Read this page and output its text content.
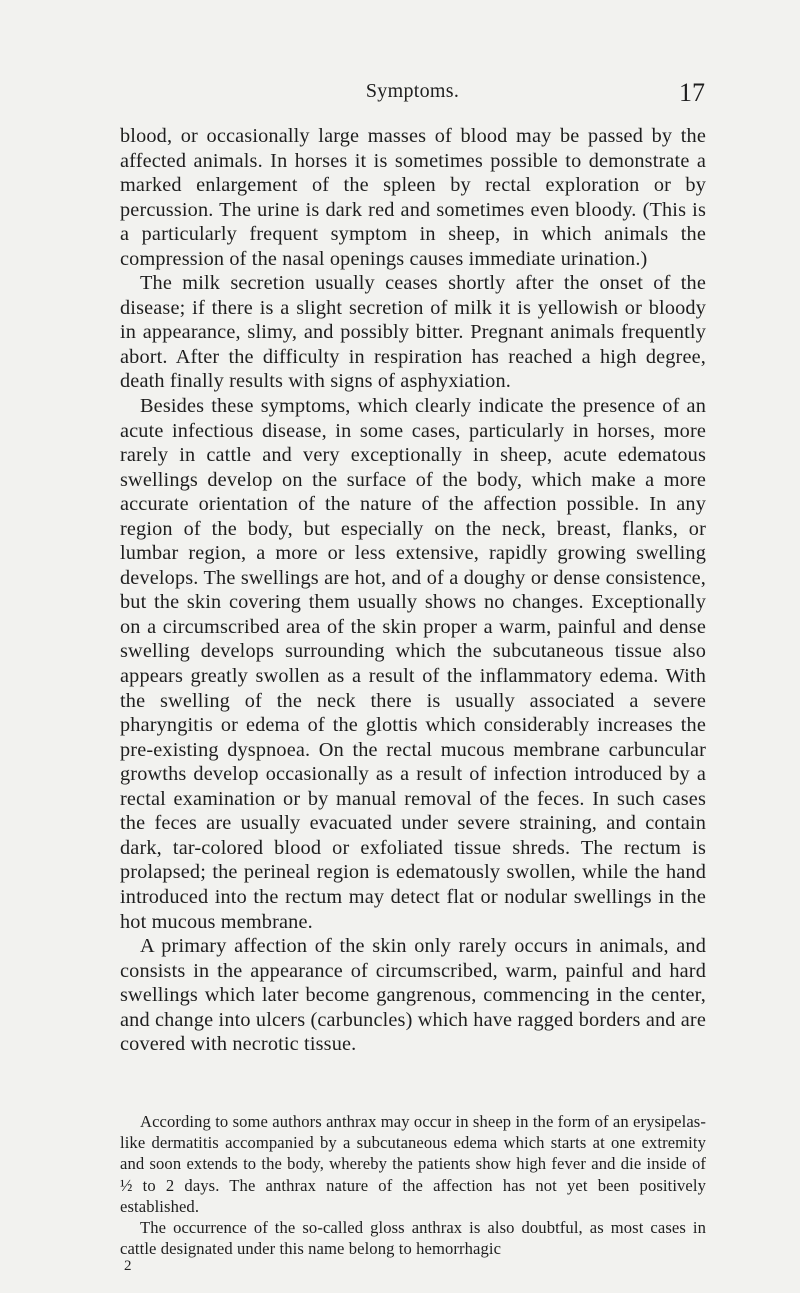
Symptoms.	17

blood, or occasionally large masses of blood may be passed by the affected animals. In horses it is sometimes possible to demonstrate a marked enlargement of the spleen by rectal exploration or by percussion. The urine is dark red and sometimes even bloody. (This is a particularly frequent symptom in sheep, in which animals the compression of the nasal openings causes immediate urination.)

The milk secretion usually ceases shortly after the onset of the disease; if there is a slight secretion of milk it is yellowish or bloody in appearance, slimy, and possibly bitter. Pregnant animals frequently abort. After the difficulty in respiration has reached a high degree, death finally results with signs of asphyxiation.

Besides these symptoms, which clearly indicate the presence of an acute infectious disease, in some cases, particularly in horses, more rarely in cattle and very exceptionally in sheep, acute edematous swellings develop on the surface of the body, which make a more accurate orientation of the nature of the affection possible. In any region of the body, but especially on the neck, breast, flanks, or lumbar region, a more or less extensive, rapidly growing swelling develops. The swellings are hot, and of a doughy or dense consistence, but the skin covering them usually shows no changes. Exceptionally on a circumscribed area of the skin proper a warm, painful and dense swelling develops surrounding which the subcutaneous tissue also appears greatly swollen as a result of the inflammatory edema. With the swelling of the neck there is usually associated a severe pharyngitis or edema of the glottis which considerably increases the pre-existing dyspnoea. On the rectal mucous membrane carbuncular growths develop occasionally as a result of infection introduced by a rectal examination or by manual removal of the feces. In such cases the feces are usually evacuated under severe straining, and contain dark, tar-colored blood or exfoliated tissue shreds. The rectum is prolapsed; the perineal region is edematously swollen, while the hand introduced into the rectum may detect flat or nodular swellings in the hot mucous membrane.

A primary affection of the skin only rarely occurs in animals, and consists in the appearance of circumscribed, warm, painful and hard swellings which later become gangrenous, commencing in the center, and change into ulcers (carbuncles) which have ragged borders and are covered with necrotic tissue.

According to some authors anthrax may occur in sheep in the form of an erysipelas-like dermatitis accompanied by a subcutaneous edema which starts at one extremity and soon extends to the body, whereby the patients show high fever and die inside of ½ to 2 days. The anthrax nature of the affection has not yet been positively established.

The occurrence of the so-called gloss anthrax is also doubtful, as most cases in cattle designated under this name belong to hemorrhagic

2
